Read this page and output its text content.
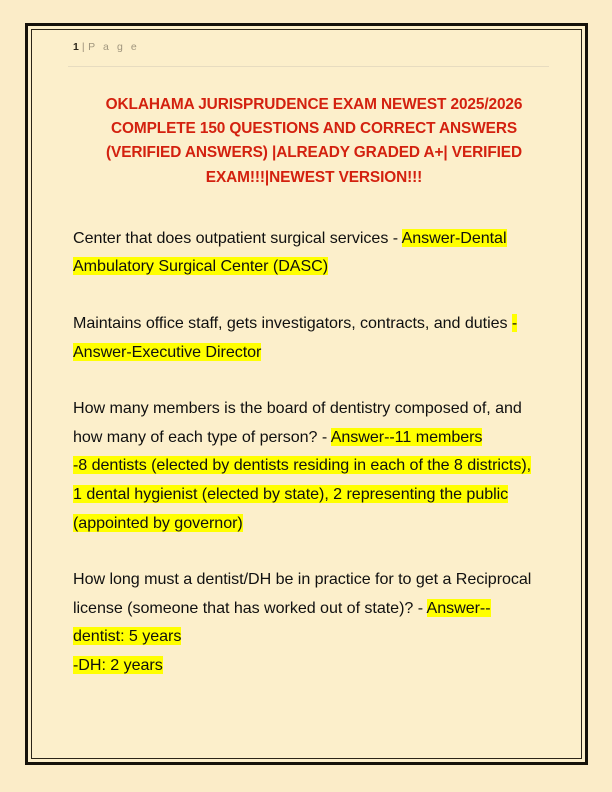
1 | P a g e
OKLAHAMA JURISPRUDENCE EXAM NEWEST 2025/2026 COMPLETE 150 QUESTIONS AND CORRECT ANSWERS (VERIFIED ANSWERS) |ALREADY GRADED A+| VERIFIED EXAM!!!|NEWEST VERSION!!!
Center that does outpatient surgical services - Answer-Dental Ambulatory Surgical Center (DASC)
Maintains office staff, gets investigators, contracts, and duties - Answer-Executive Director
How many members is the board of dentistry composed of, and how many of each type of person? - Answer--11 members
-8 dentists (elected by dentists residing in each of the 8 districts), 1 dental hygienist (elected by state), 2 representing the public (appointed by governor)
How long must a dentist/DH be in practice for to get a Reciprocal license (someone that has worked out of state)? - Answer--dentist: 5 years
-DH: 2 years
